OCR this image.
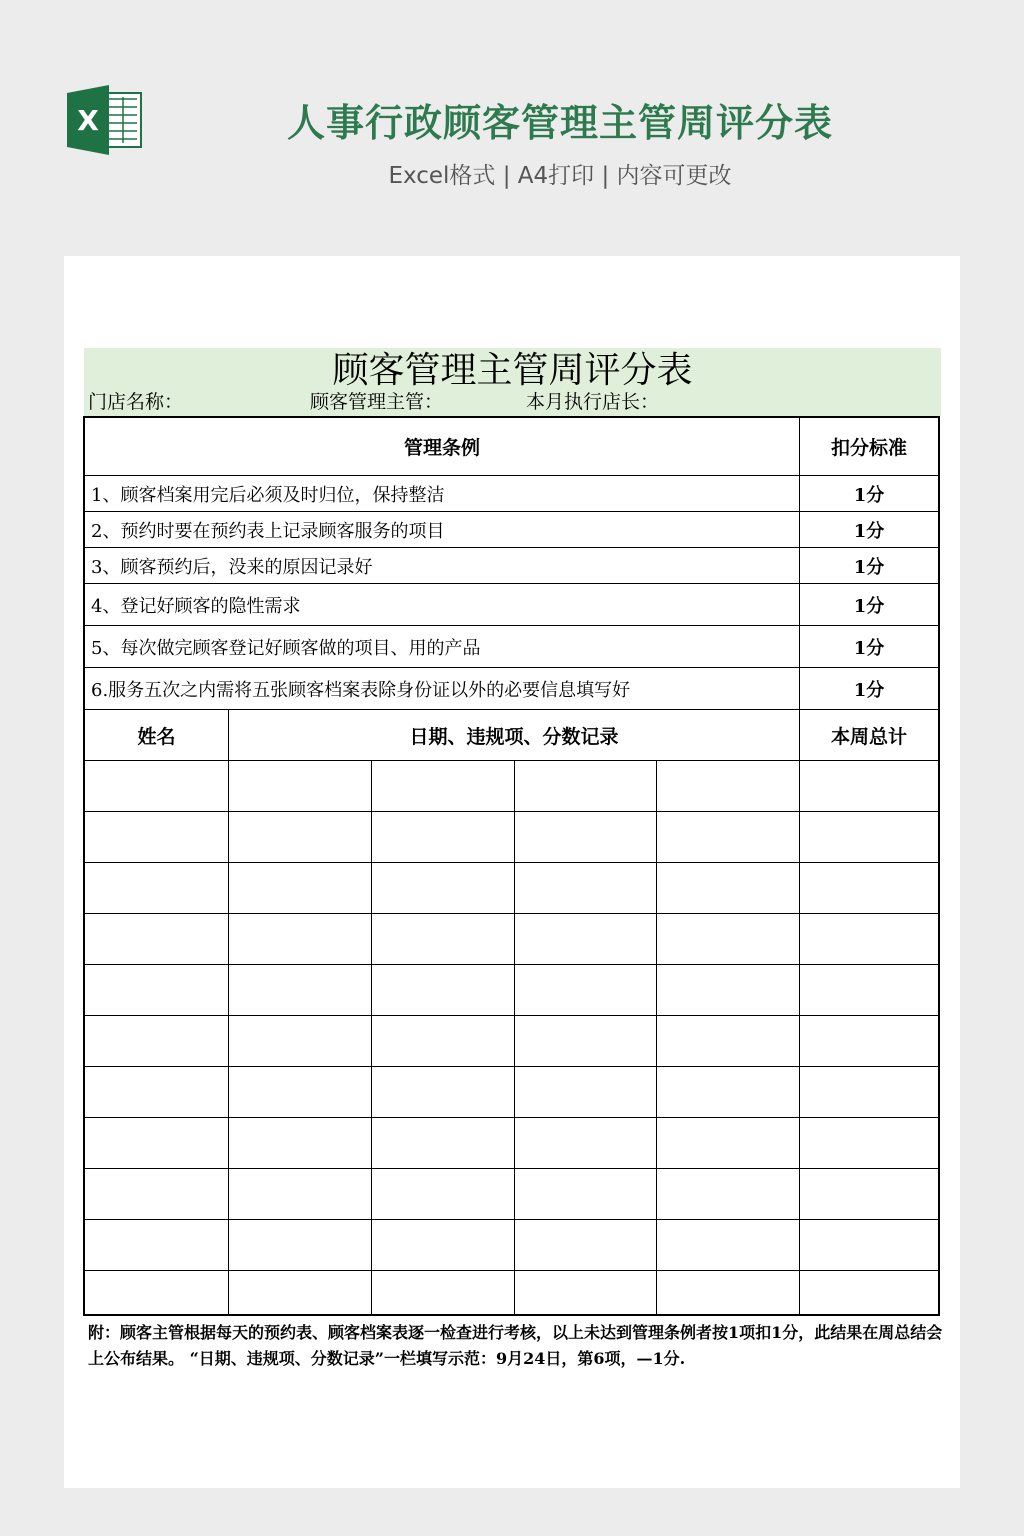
X	人事行政顾客管理主管周评分表
Excel格式 | A4打印 | 内容可更改
顾客管理主管周评分表
门店名称：	顾客管理主管：	本月执行店长：
管理条例	扣分标准
1、顾客档案用完后必须及时归位，保持整洁	1分
2、预约时要在预约表上记录顾客服务的项目	1分
3、顾客预约后，没来的原因记录好	1分
4、登记好顾客的隐性需求	1分
5、每次做完顾客登记好顾客做的项目、用的产品	1分
6.服务五次之内需将五张顾客档案表除身份证以外的必要信息填写好	1分
姓名	日期、违规项、分数记录	本周总计
附：顾客主管根据每天的预约表、顾客档案表逐一检查进行考核，以上未达到管理条例者按1项扣1分，此结果在周总结会上公布结果。 “日期、违规项、分数记录”一栏填写示范：9月24日，第6项，—1分.
